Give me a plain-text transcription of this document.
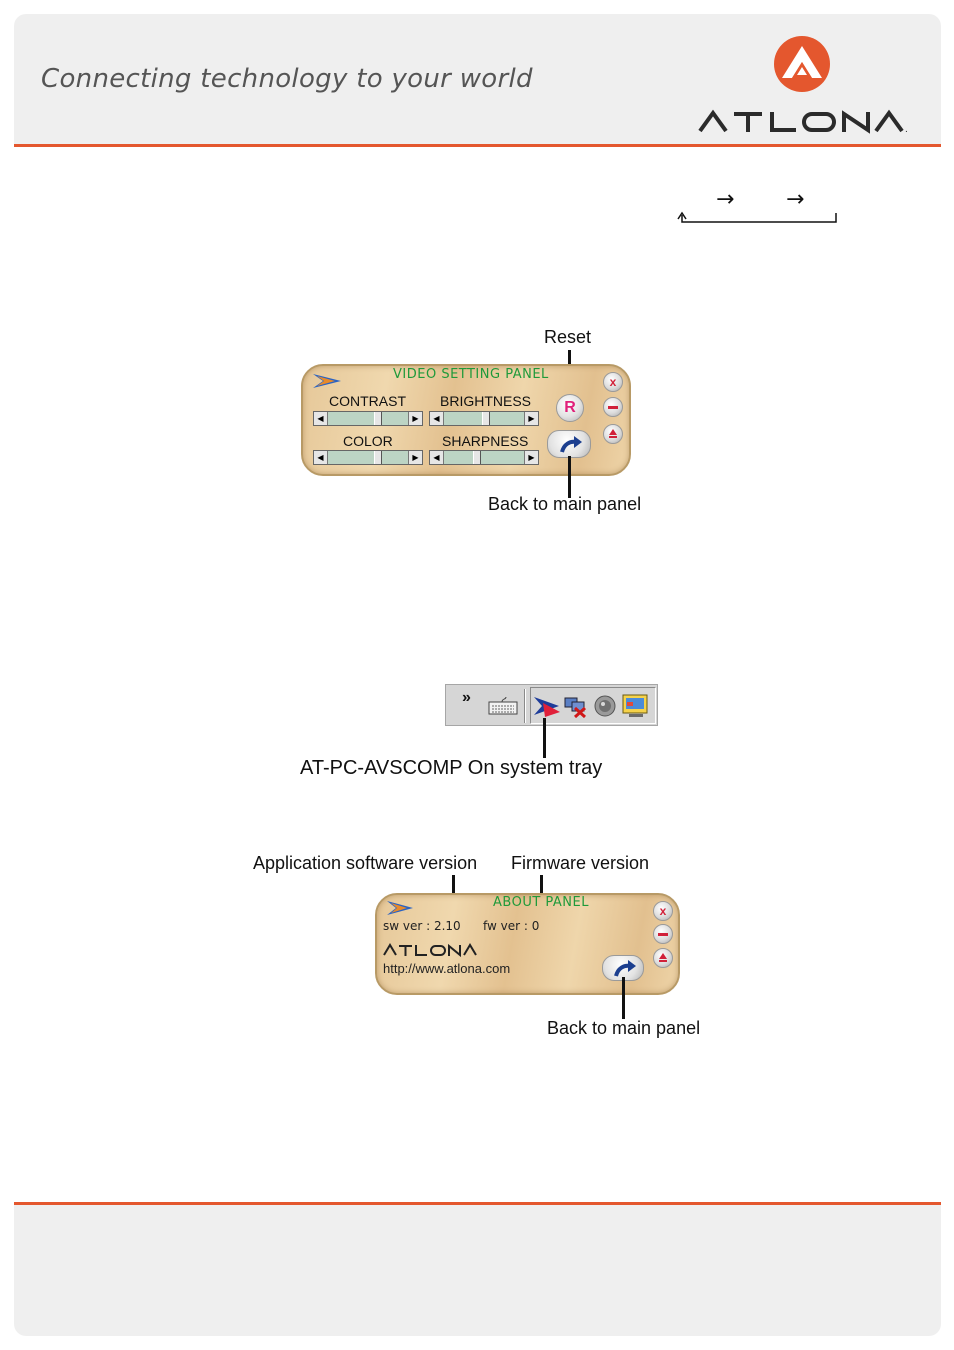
Connecting technology to your world
.
→ →
Reset
VIDEO SETTING PANEL
CONTRAST
◀	▶
BRIGHTNESS
◀	▶
COLOR
◀	▶
SHARPNESS
◀	▶
R
x
Back to main panel
»
AT-PC-AVSCOMP On system tray
Application software version Firmware version
ABOUT PANEL
sw ver : 2.10 fw ver : 0
http://www.atlona.com
x
Back to main panel
